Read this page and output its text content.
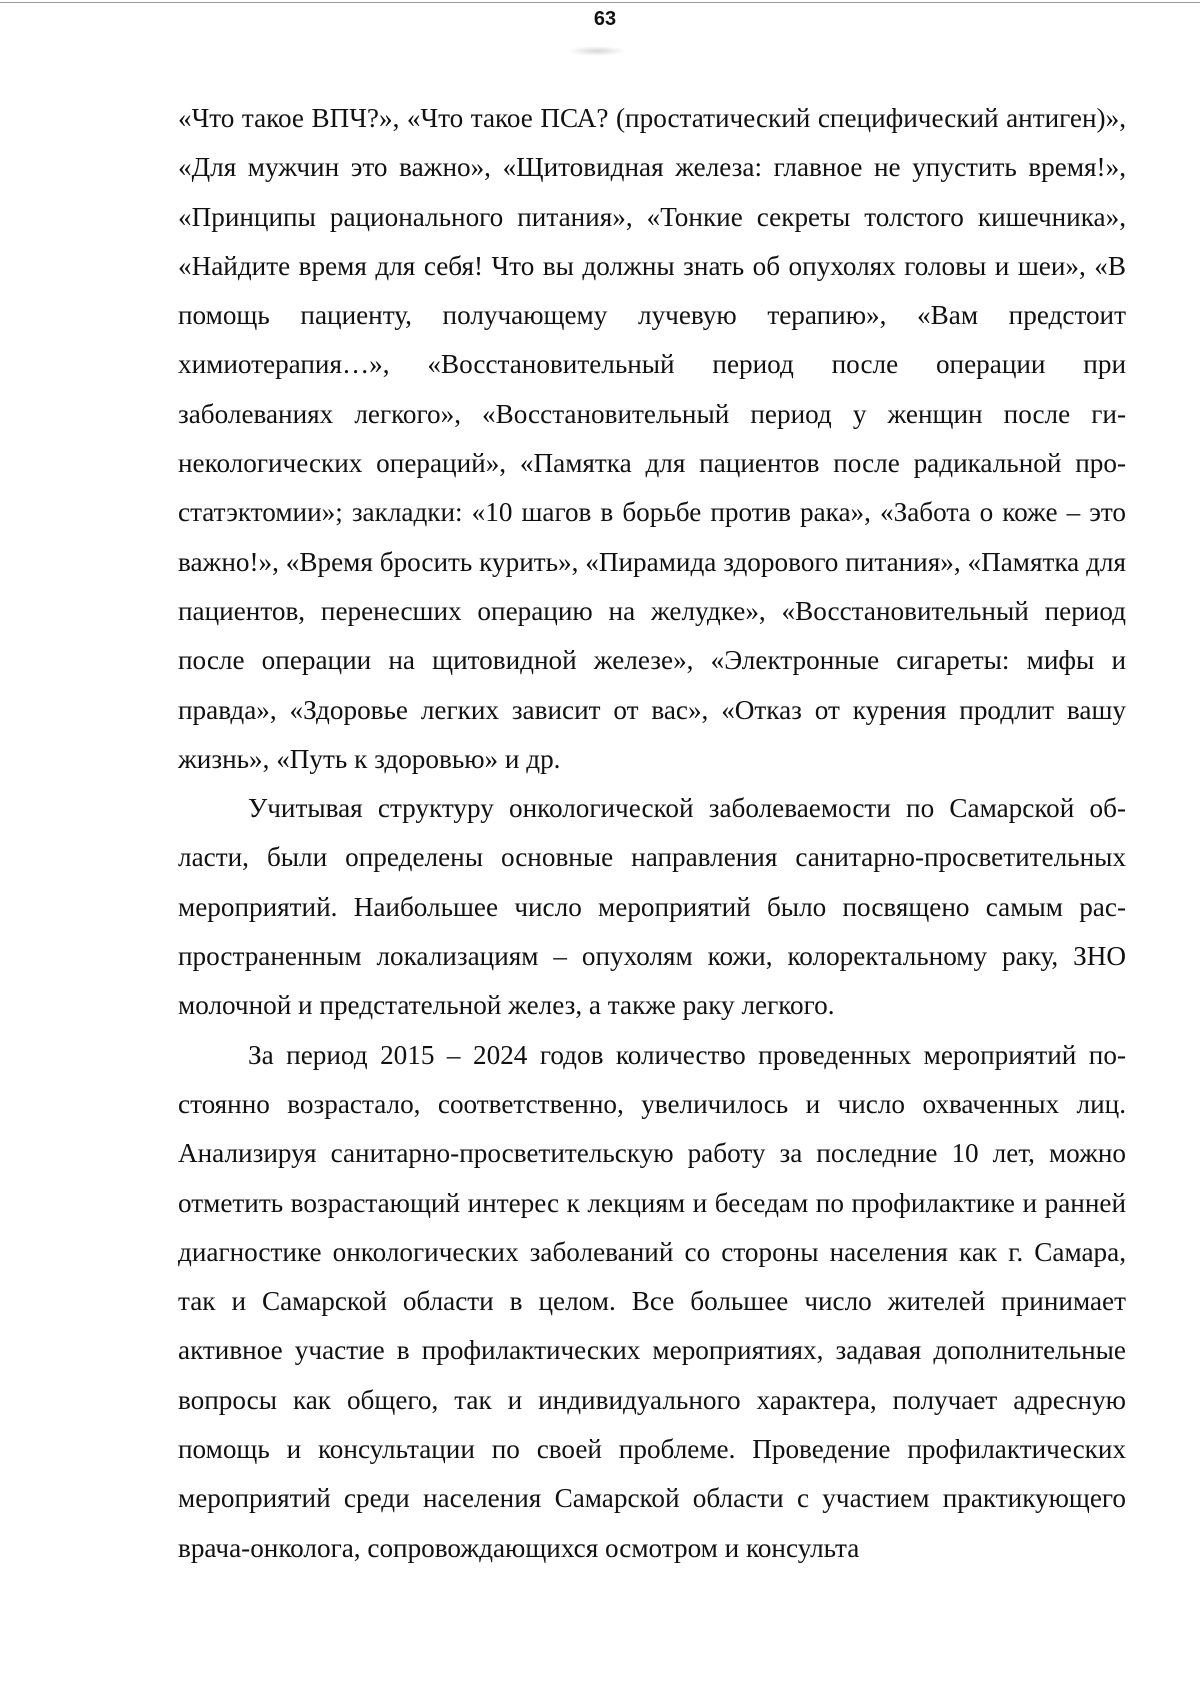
63

«Что такое ВПЧ?», «Что такое ПСА? (простатический специфический антиген)», «Для мужчин это важно», «Щитовидная железа: главное не упустить время!», «Принципы рационального питания», «Тонкие секреты толстого кишечника», «Найдите время для себя! Что вы должны знать об опухолях головы и шеи», «В помощь пациенту, получающему лучевую терапию», «Вам предстоит химиотерапия…», «Восстановительный период после операции при заболеваниях легкого», «Восстановительный период у женщин после гинекологических операций», «Памятка для пациентов после радикальной простатэктомии»; закладки: «10 шагов в борьбе против рака», «Забота о коже – это важно!», «Время бросить курить», «Пирамида здорового питания», «Памятка для пациентов, перенесших операцию на желудке», «Восстановительный период после операции на щитовидной железе», «Электронные сигареты: мифы и правда», «Здоровье легких зависит от вас», «Отказ от курения продлит вашу жизнь», «Путь к здоровью» и др.

Учитывая структуру онкологической заболеваемости по Самарской области, были определены основные направления санитарно-просветительных мероприятий. Наибольшее число мероприятий было посвящено самым распространенным локализациям – опухолям кожи, колоректальному раку, ЗНО молочной и предстательной желез, а также раку легкого.

За период 2015 – 2024 годов количество проведенных мероприятий постоянно возрастало, соответственно, увеличилось и число охваченных лиц. Анализируя санитарно-просветительскую работу за последние 10 лет, можно отметить возрастающий интерес к лекциям и беседам по профилактике и ранней диагностике онкологических заболеваний со стороны населения как г. Самара, так и Самарской области в целом. Все большее число жителей принимает активное участие в профилактических мероприятиях, задавая дополнительные вопросы как общего, так и индивидуального характера, получает адресную помощь и консультации по своей проблеме. Проведение профилактических мероприятий среди населения Самарской области с участием практикующего врача-онколога, сопровождающихся осмотром и консульта
